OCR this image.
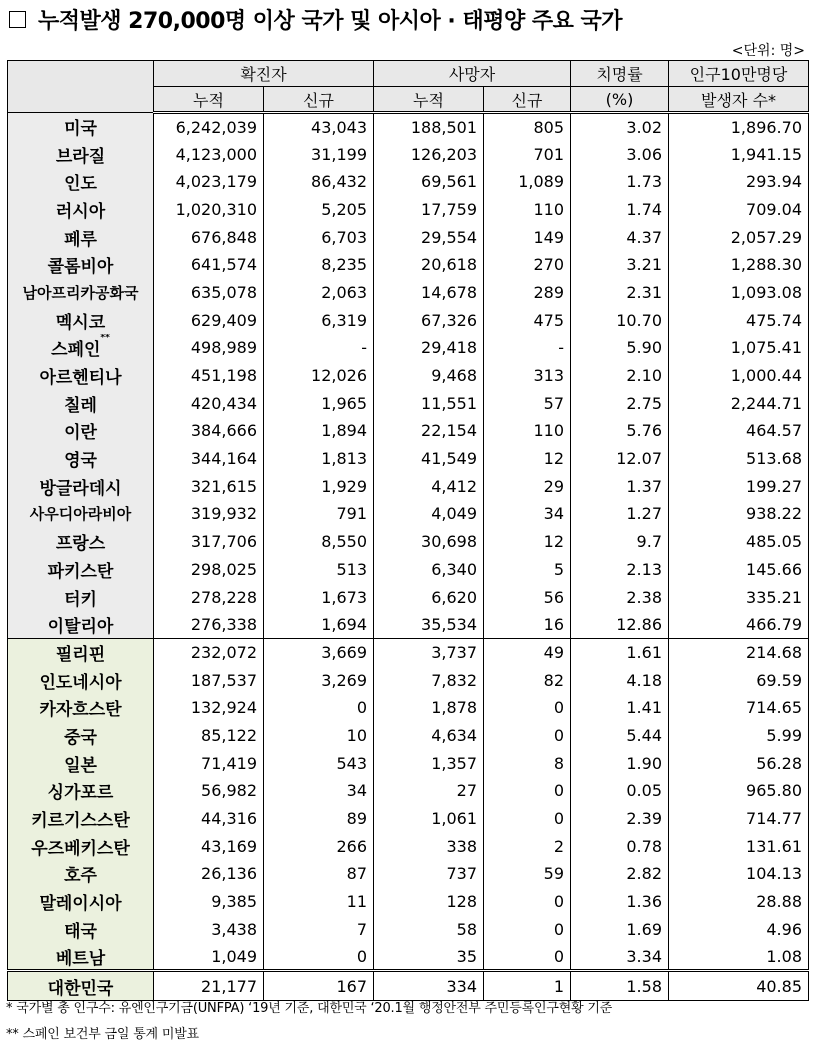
누적발생 270,000명 이상 국가 및 아시아 · 태평양 주요 국가
<단위: 명>
	확진자		사망자		치명률	인구10만명당
	누적	신규	누적	신규	(%)	발생자 수*
미국	6,242,039	43,043	188,501	805	3.02	1,896.70
브라질	4,123,000	31,199	126,203	701	3.06	1,941.15
인도	4,023,179	86,432	69,561	1,089	1.73	293.94
러시아	1,020,310	5,205	17,759	110	1.74	709.04
페루	676,848	6,703	29,554	149	4.37	2,057.29
콜롬비아	641,574	8,235	20,618	270	3.21	1,288.30
남아프리카공화국	635,078	2,063	14,678	289	2.31	1,093.08
멕시코	629,409	6,319	67,326	475	10.70	475.74
스페인**	498,989	-	29,418	-	5.90	1,075.41
아르헨티나	451,198	12,026	9,468	313	2.10	1,000.44
칠레	420,434	1,965	11,551	57	2.75	2,244.71
이란	384,666	1,894	22,154	110	5.76	464.57
영국	344,164	1,813	41,549	12	12.07	513.68
방글라데시	321,615	1,929	4,412	29	1.37	199.27
사우디아라비아	319,932	791	4,049	34	1.27	938.22
프랑스	317,706	8,550	30,698	12	9.7	485.05
파키스탄	298,025	513	6,340	5	2.13	145.66
터키	278,228	1,673	6,620	56	2.38	335.21
이탈리아	276,338	1,694	35,534	16	12.86	466.79
필리핀	232,072	3,669	3,737	49	1.61	214.68
인도네시아	187,537	3,269	7,832	82	4.18	69.59
카자흐스탄	132,924	0	1,878	0	1.41	714.65
중국	85,122	10	4,634	0	5.44	5.99
일본	71,419	543	1,357	8	1.90	56.28
싱가포르	56,982	34	27	0	0.05	965.80
키르기스스탄	44,316	89	1,061	0	2.39	714.77
우즈베키스탄	43,169	266	338	2	0.78	131.61
호주	26,136	87	737	59	2.82	104.13
말레이시아	9,385	11	128	0	1.36	28.88
태국	3,438	7	58	0	1.69	4.96
베트남	1,049	0	35	0	3.34	1.08
대한민국	21,177	167	334	1	1.58	40.85
* 국가별 총 인구수: 유엔인구기금(UNFPA) ‘19년 기준, 대한민국 ‘20.1월 행정안전부 주민등록인구현황 기준
** 스페인 보건부 금일 통계 미발표
